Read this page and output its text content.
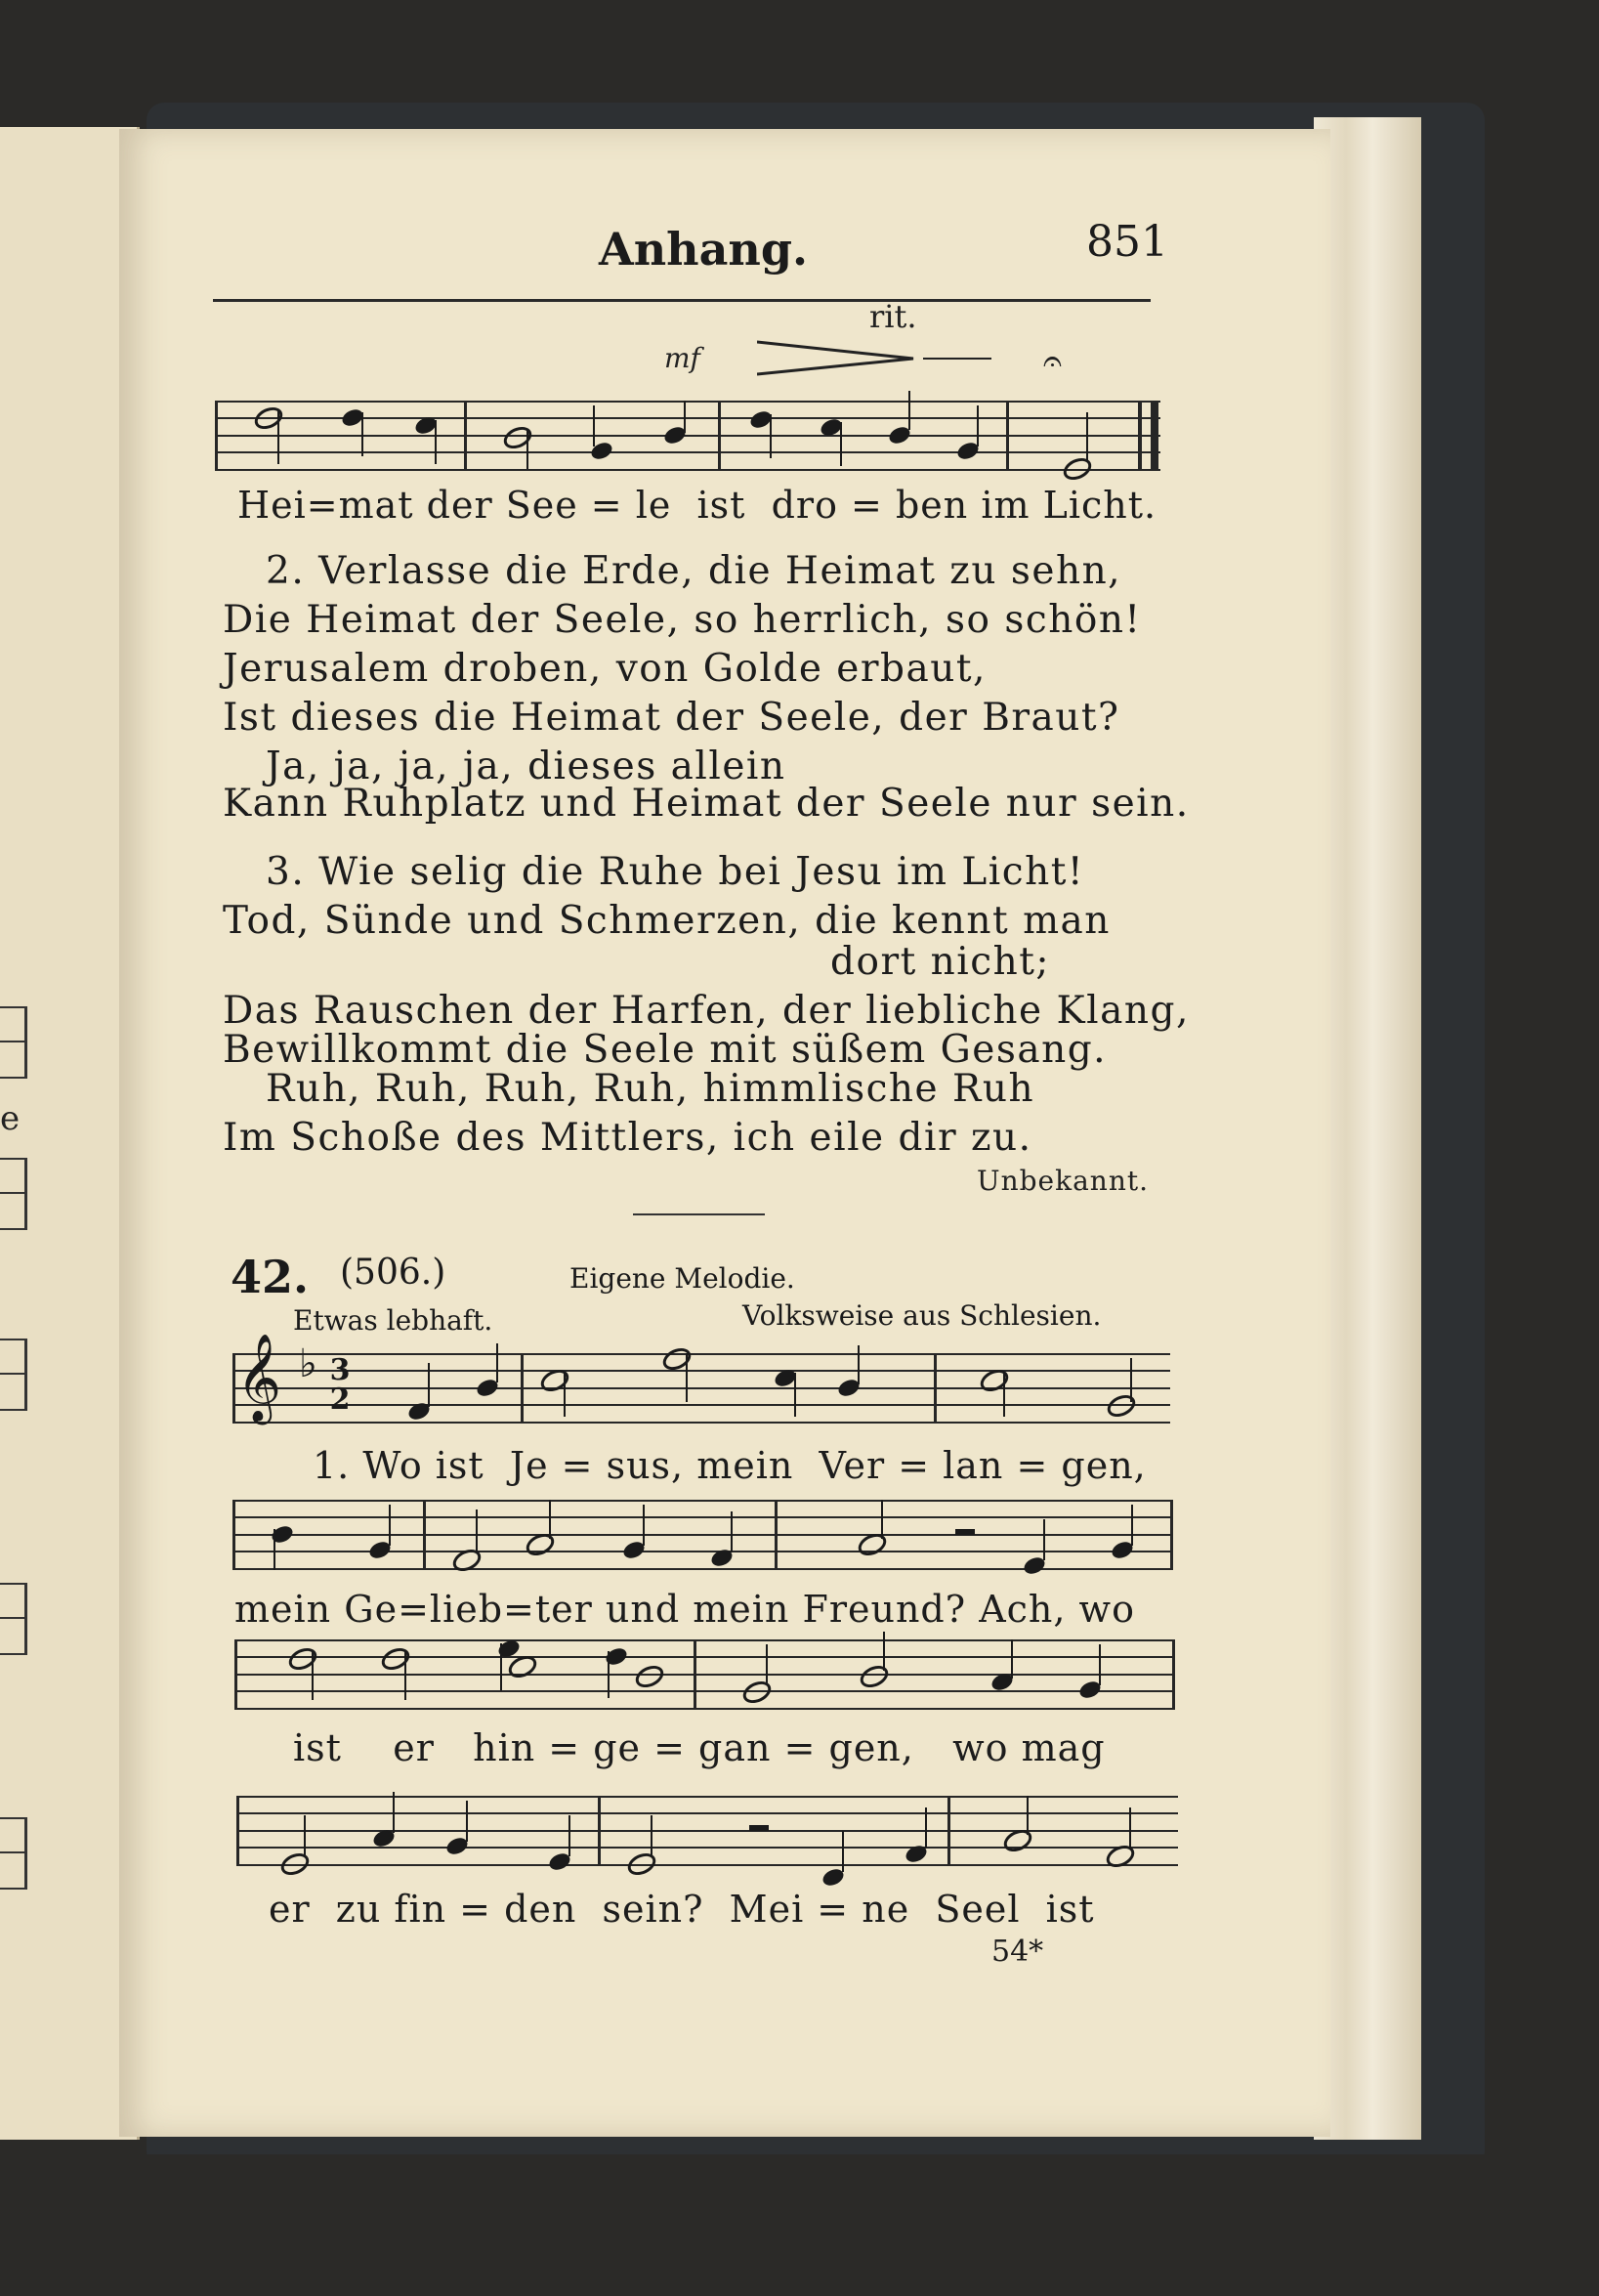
e
Anhang.	851
mf
rit.
𝄐
Hei=mat der See = le  ist  dro = ben im Licht.
2. Verlasse die Erde, die Heimat zu sehn,
Die Heimat der Seele, so herrlich, so schön!
Jerusalem droben, von Golde erbaut,
Ist dieses die Heimat der Seele, der Braut?
Ja, ja, ja, ja, dieses allein
Kann Ruhplatz und Heimat der Seele nur sein.
3. Wie selig die Ruhe bei Jesu im Licht!
Tod, Sünde und Schmerzen, die kennt man
dort nicht;
Das Rauschen der Harfen, der liebliche Klang,
Bewillkommt die Seele mit süßem Gesang.
Ruh, Ruh, Ruh, Ruh, himmlische Ruh
Im Schoße des Mittlers, ich eile dir zu.
Unbekannt.
42. (506.)	Eigene Melodie.
Etwas lebhaft.	Volksweise aus Schlesien.
𝄞 ♭ 3
2
1. Wo ist  Je = sus, mein  Ver = lan = gen,
mein Ge=lieb=ter und mein Freund? Ach, wo
ist    er   hin = ge = gan = gen,   wo mag
er  zu fin = den  sein?  Mei = ne  Seel  ist
54*
